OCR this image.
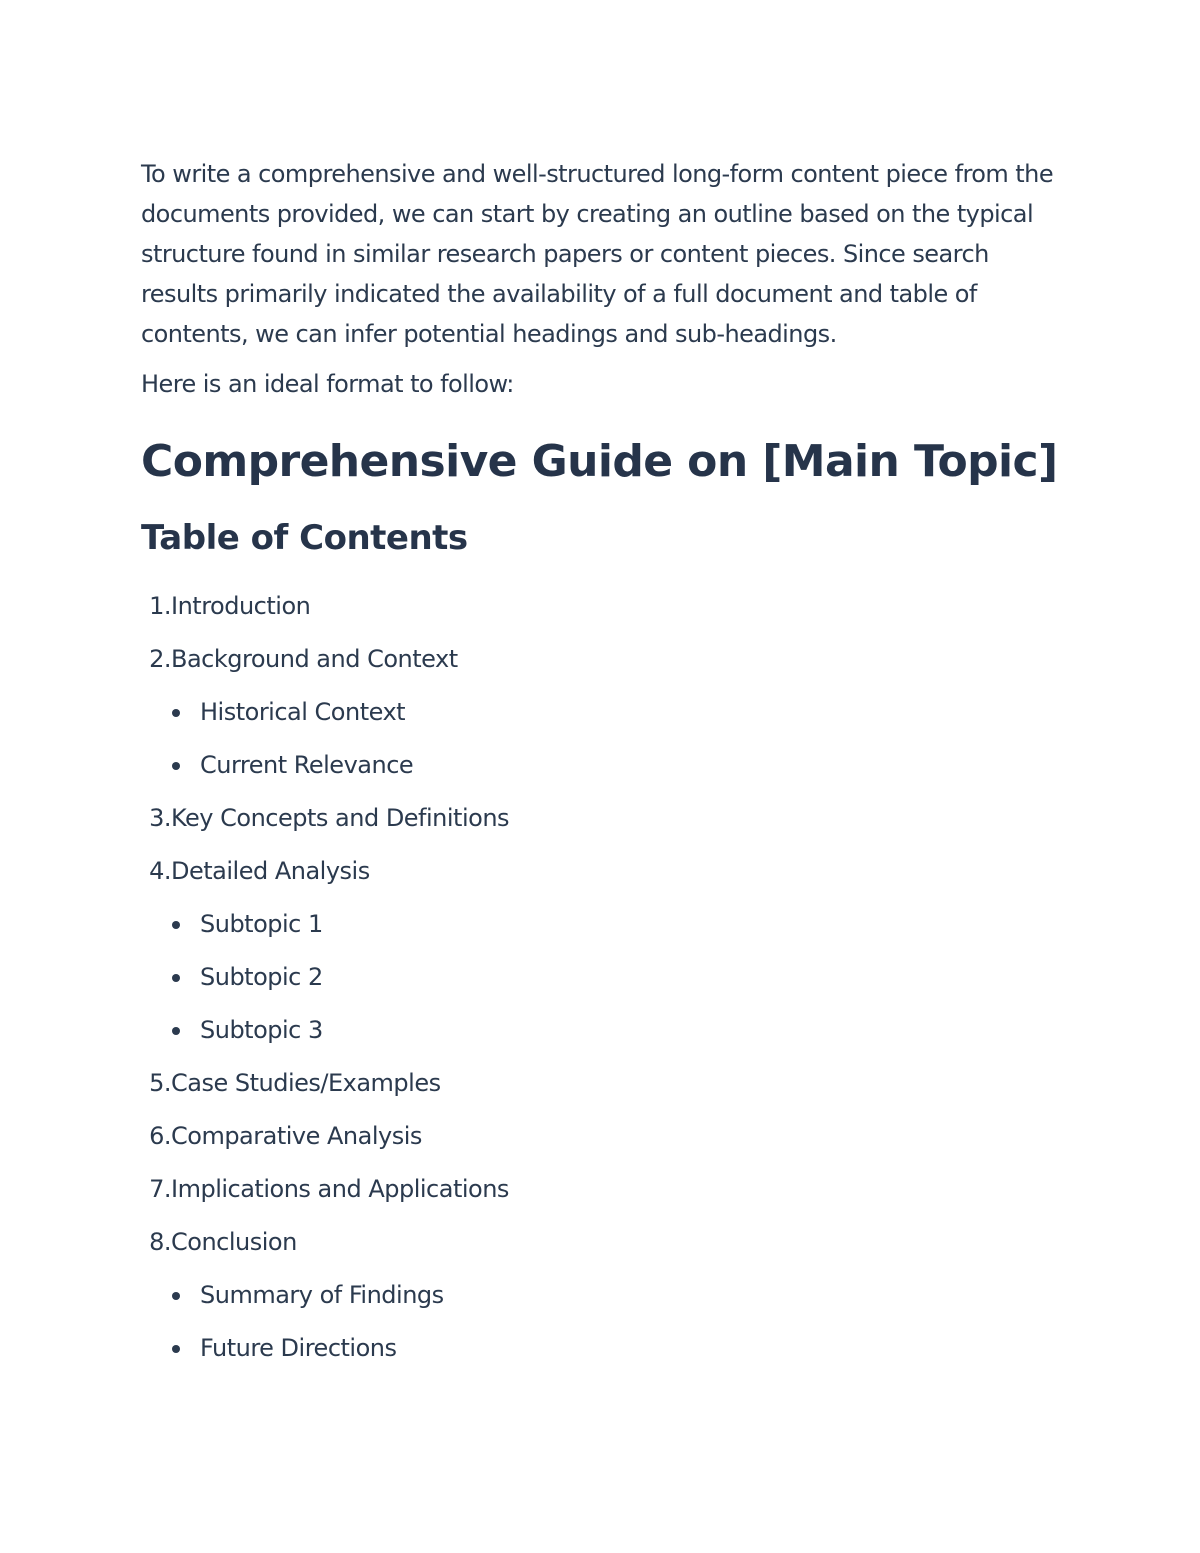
To write a comprehensive and well-structured long-form content piece from the documents provided, we can start by creating an outline based on the typical structure found in similar research papers or content pieces. Since search results primarily indicated the availability of a full document and table of contents, we can infer potential headings and sub-headings.

Here is an ideal format to follow:

Comprehensive Guide on [Main Topic]
Table of Contents
1. Introduction
2. Background and Context
Historical Context
Current Relevance
3. Key Concepts and Definitions
4. Detailed Analysis
Subtopic 1
Subtopic 2
Subtopic 3
5. Case Studies/Examples
6. Comparative Analysis
7. Implications and Applications
8. Conclusion
Summary of Findings
Future Directions
